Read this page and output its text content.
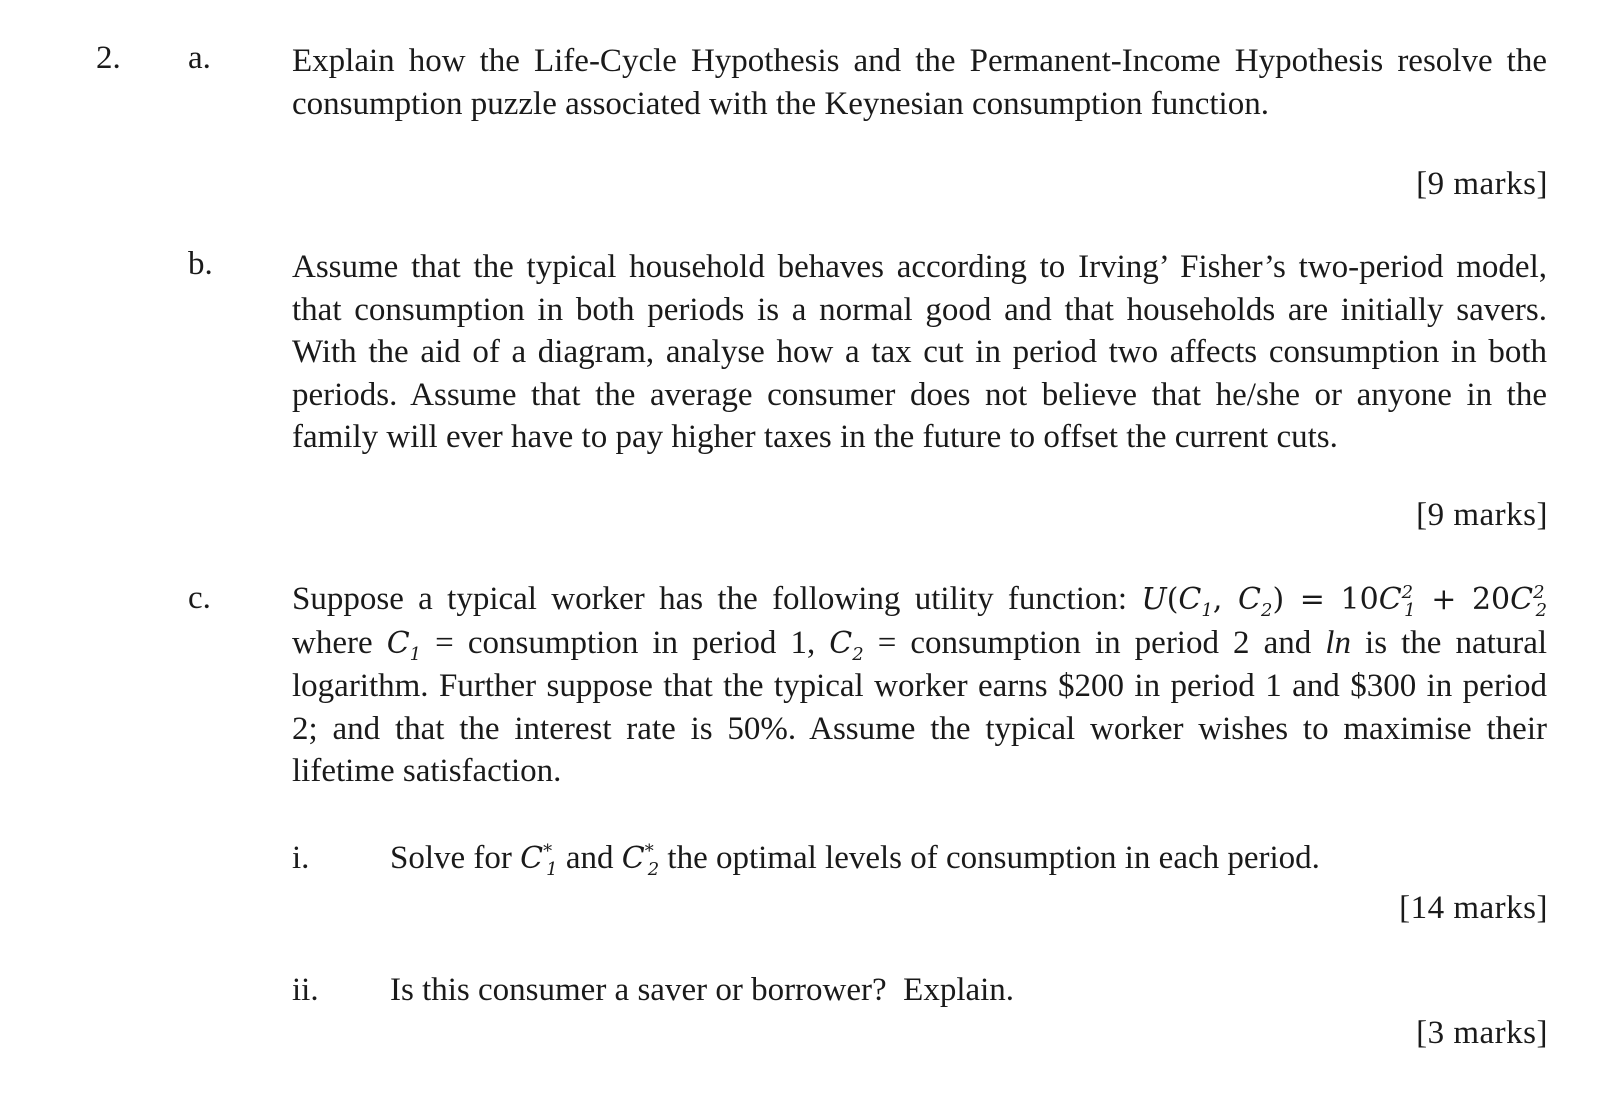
2. a. Explain how the Life-Cycle Hypothesis and the Permanent-Income Hypothesis resolve the consumption puzzle associated with the Keynesian consumption function.
[9 marks]
b. Assume that the typical household behaves according to Irving’ Fisher’s two-period model, that consumption in both periods is a normal good and that households are initially savers. With the aid of a diagram, analyse how a tax cut in period two affects consumption in both periods. Assume that the average consumer does not believe that he/she or anyone in the family will ever have to pay higher taxes in the future to offset the current cuts.
[9 marks]
c. Suppose a typical worker has the following utility function: $U(C_1$, $C_2) = 10C^2_1 + 20C^2_2$ where $C_1$ = consumption in period 1, $C_2$ = consumption in period 2 and ln is the natural logarithm. Further suppose that the typical worker earns $200 in period 1 and $300 in period 2; and that the interest rate is 50%. Assume the typical worker wishes to maximise their lifetime satisfaction.
i. Solve for $C^*_1$ and $C^*_2$ the optimal levels of consumption in each period.
[14 marks]
ii. Is this consumer a saver or borrower?  Explain.
[3 marks]
